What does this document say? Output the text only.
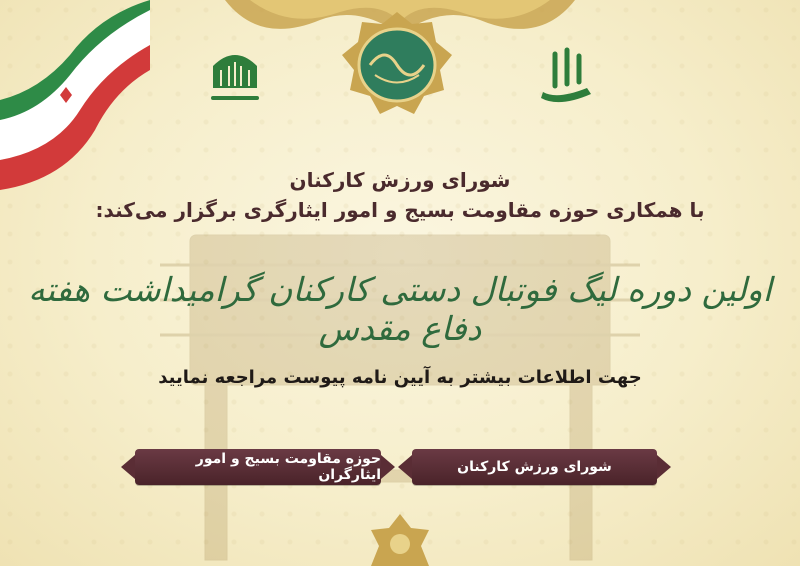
شورای ورزش کارکنان
با همکاری حوزه مقاومت بسیج و امور ایثارگری برگزار می‌کند:
اولین دوره لیگ فوتبال دستی کارکنان گرامیداشت هفته دفاع مقدس
جهت اطلاعات بیشتر به آیین نامه پیوست مراجعه نمایید
حوزه مقاومت بسیج و امور ایثارگران	شورای ورزش کارکنان
